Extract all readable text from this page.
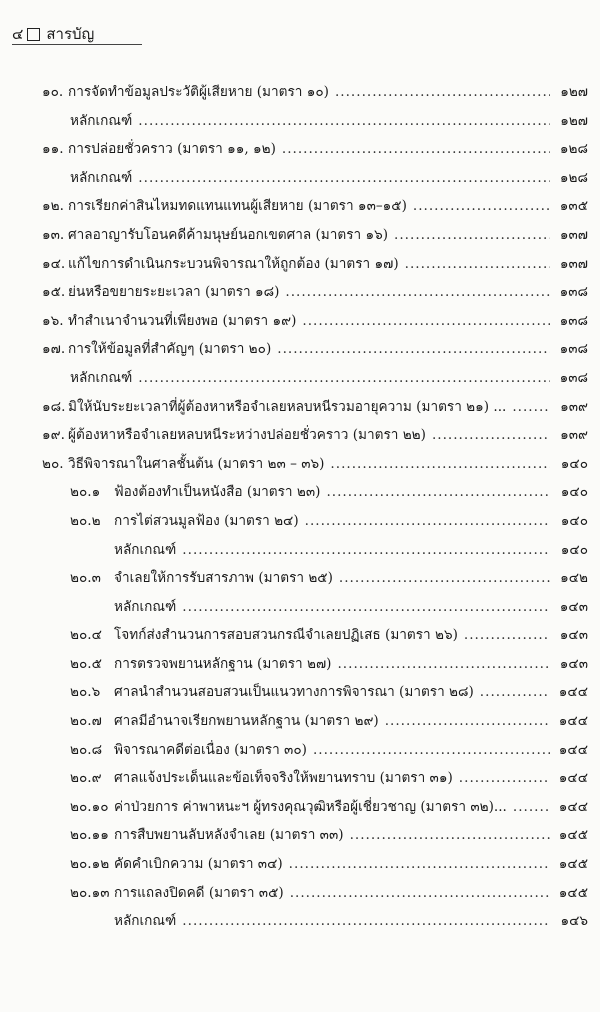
๔ สารบัญ
๑๐. การจัดทำข้อมูลประวัติผู้เสียหาย (มาตรา ๑๐) .....	๑๒๗
หลักเกณฑ์ .....	๑๒๗
๑๑. การปล่อยชั่วคราว (มาตรา ๑๑, ๑๒) .....	๑๒๘
หลักเกณฑ์ .....	๑๒๘
๑๒. การเรียกค่าสินไหมทดแทนแทนผู้เสียหาย (มาตรา ๑๓–๑๕) .....	๑๓๕
๑๓. ศาลอาญารับโอนคดีค้ามนุษย์นอกเขตศาล (มาตรา ๑๖) .....	๑๓๗
๑๔. แก้ไขการดำเนินกระบวนพิจารณาให้ถูกต้อง (มาตรา ๑๗) .....	๑๓๗
๑๕. ย่นหรือขยายระยะเวลา (มาตรา ๑๘) .....	๑๓๘
๑๖. ทำสำเนาจำนวนที่เพียงพอ (มาตรา ๑๙) .....	๑๓๘
๑๗. การให้ข้อมูลที่สำคัญๆ (มาตรา ๒๐) .....	๑๓๘
หลักเกณฑ์ .....	๑๓๘
๑๘. มิให้นับระยะเวลาที่ผู้ต้องหาหรือจำเลยหลบหนีรวมอายุความ (มาตรา ๒๑) ... .....	๑๓๙
๑๙. ผู้ต้องหาหรือจำเลยหลบหนีระหว่างปล่อยชั่วคราว (มาตรา ๒๒) .....	๑๓๙
๒๐. วิธีพิจารณาในศาลชั้นต้น (มาตรา ๒๓ – ๓๖) .....	๑๔๐
๒๐.๑	ฟ้องต้องทำเป็นหนังสือ (มาตรา ๒๓) .....	๑๔๐
๒๐.๒ การไต่สวนมูลฟ้อง (มาตรา ๒๔) .....	๑๔๐
หลักเกณฑ์ .....	๑๔๐
๒๐.๓ จำเลยให้การรับสารภาพ (มาตรา ๒๕) .....	๑๔๒
หลักเกณฑ์ .....	๑๔๓
๒๐.๔ โจทก์ส่งสำนวนการสอบสวนกรณีจำเลยปฏิเสธ (มาตรา ๒๖) .....	๑๔๓
๒๐.๕ การตรวจพยานหลักฐาน (มาตรา ๒๗) .....	๑๔๓
๒๐.๖	ศาลนำสำนวนสอบสวนเป็นแนวทางการพิจารณา (มาตรา ๒๘) .....	๑๔๔
๒๐.๗ ศาลมีอำนาจเรียกพยานหลักฐาน (มาตรา ๒๙) .....	๑๔๔
๒๐.๘ พิจารณาคดีต่อเนื่อง (มาตรา ๓๐) .....	๑๔๔
๒๐.๙ ศาลแจ้งประเด็นและข้อเท็จจริงให้พยานทราบ (มาตรา ๓๑) .....	๑๔๔
๒๐.๑๐ ค่าป่วยการ ค่าพาหนะฯ ผู้ทรงคุณวุฒิหรือผู้เชี่ยวชาญ (มาตรา ๓๒)... .....	๑๔๔
๒๐.๑๑ การสืบพยานลับหลังจำเลย (มาตรา ๓๓) .....	๑๔๕
๒๐.๑๒ คัดคำเบิกความ (มาตรา ๓๔) .....	๑๔๕
๒๐.๑๓ การแถลงปิดคดี (มาตรา ๓๕) .....	๑๔๕
หลักเกณฑ์ .....	๑๔๖
